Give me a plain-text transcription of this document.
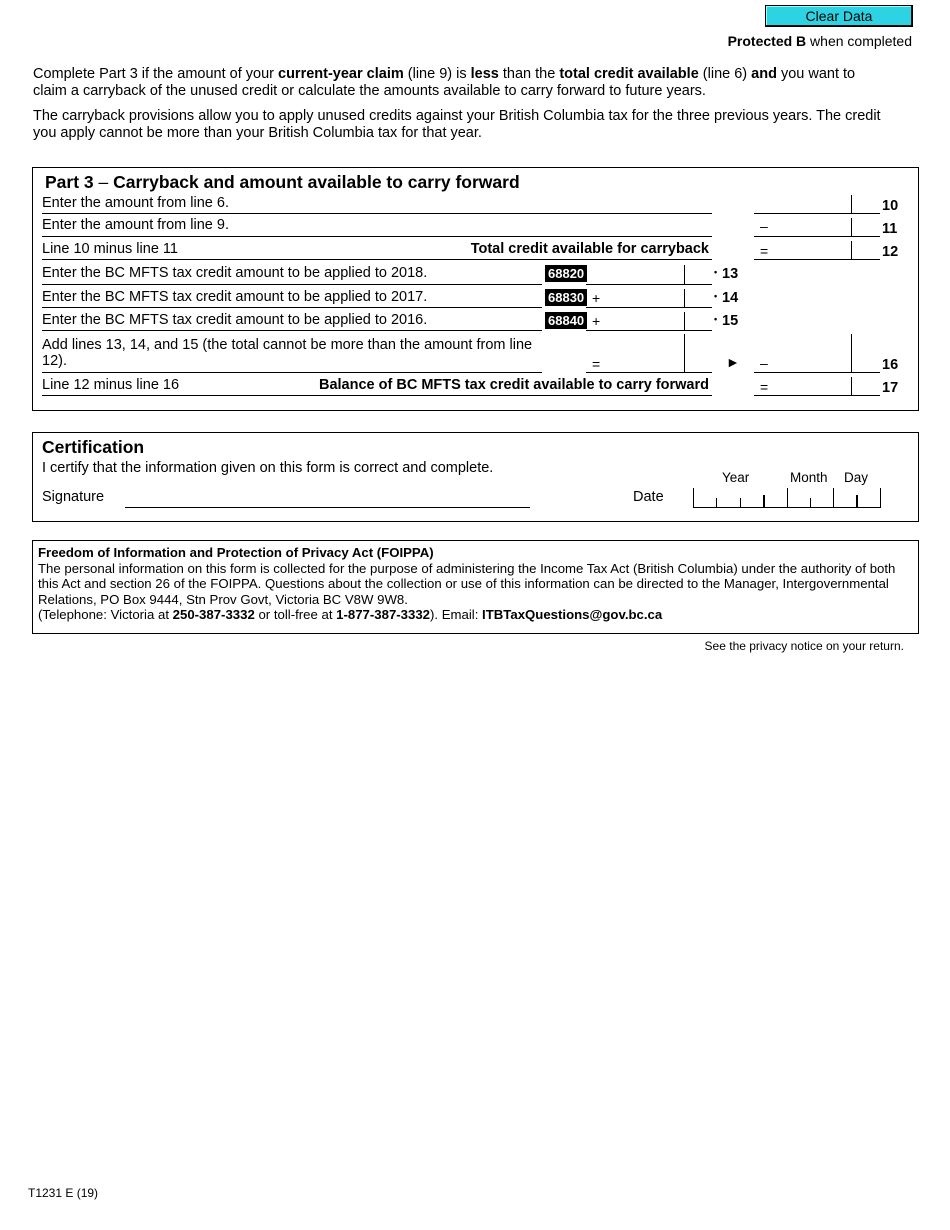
Clear Data
Protected B when completed
Complete Part 3 if the amount of your current-year claim (line 9) is less than the total credit available (line 6) and you want to claim a carryback of the unused credit or calculate the amounts available to carry forward to future years.
The carryback provisions allow you to apply unused credits against your British Columbia tax for the three previous years. The credit you apply cannot be more than your British Columbia tax for that year.
Part 3 – Carryback and amount available to carry forward
Enter the amount from line 6.	10
Enter the amount from line 9.	–	11
Line 10 minus line 11	Total credit available for carryback	=	12
Enter the BC MFTS tax credit amount to be applied to 2018.	68820	• 13
Enter the BC MFTS tax credit amount to be applied to 2017.	68830 +	• 14
Enter the BC MFTS tax credit amount to be applied to 2016.	68840 +	• 15
Add lines 13, 14, and 15 (the total cannot be more than the amount from line 12).	=	► –	16
Line 12 minus line 16	Balance of BC MFTS tax credit available to carry forward	=	17
Certification
I certify that the information given on this form is correct and complete.
Signature	Date
Year	Month Day
Freedom of Information and Protection of Privacy Act (FOIPPA)
The personal information on this form is collected for the purpose of administering the Income Tax Act (British Columbia) under the authority of both this Act and section 26 of the FOIPPA. Questions about the collection or use of this information can be directed to the Manager, Intergovernmental Relations, PO Box 9444, Stn Prov Govt, Victoria BC V8W 9W8.
(Telephone: Victoria at 250-387-3332 or toll-free at 1-877-387-3332). Email: ITBTaxQuestions@gov.bc.ca
See the privacy notice on your return.
T1231 E (19)
